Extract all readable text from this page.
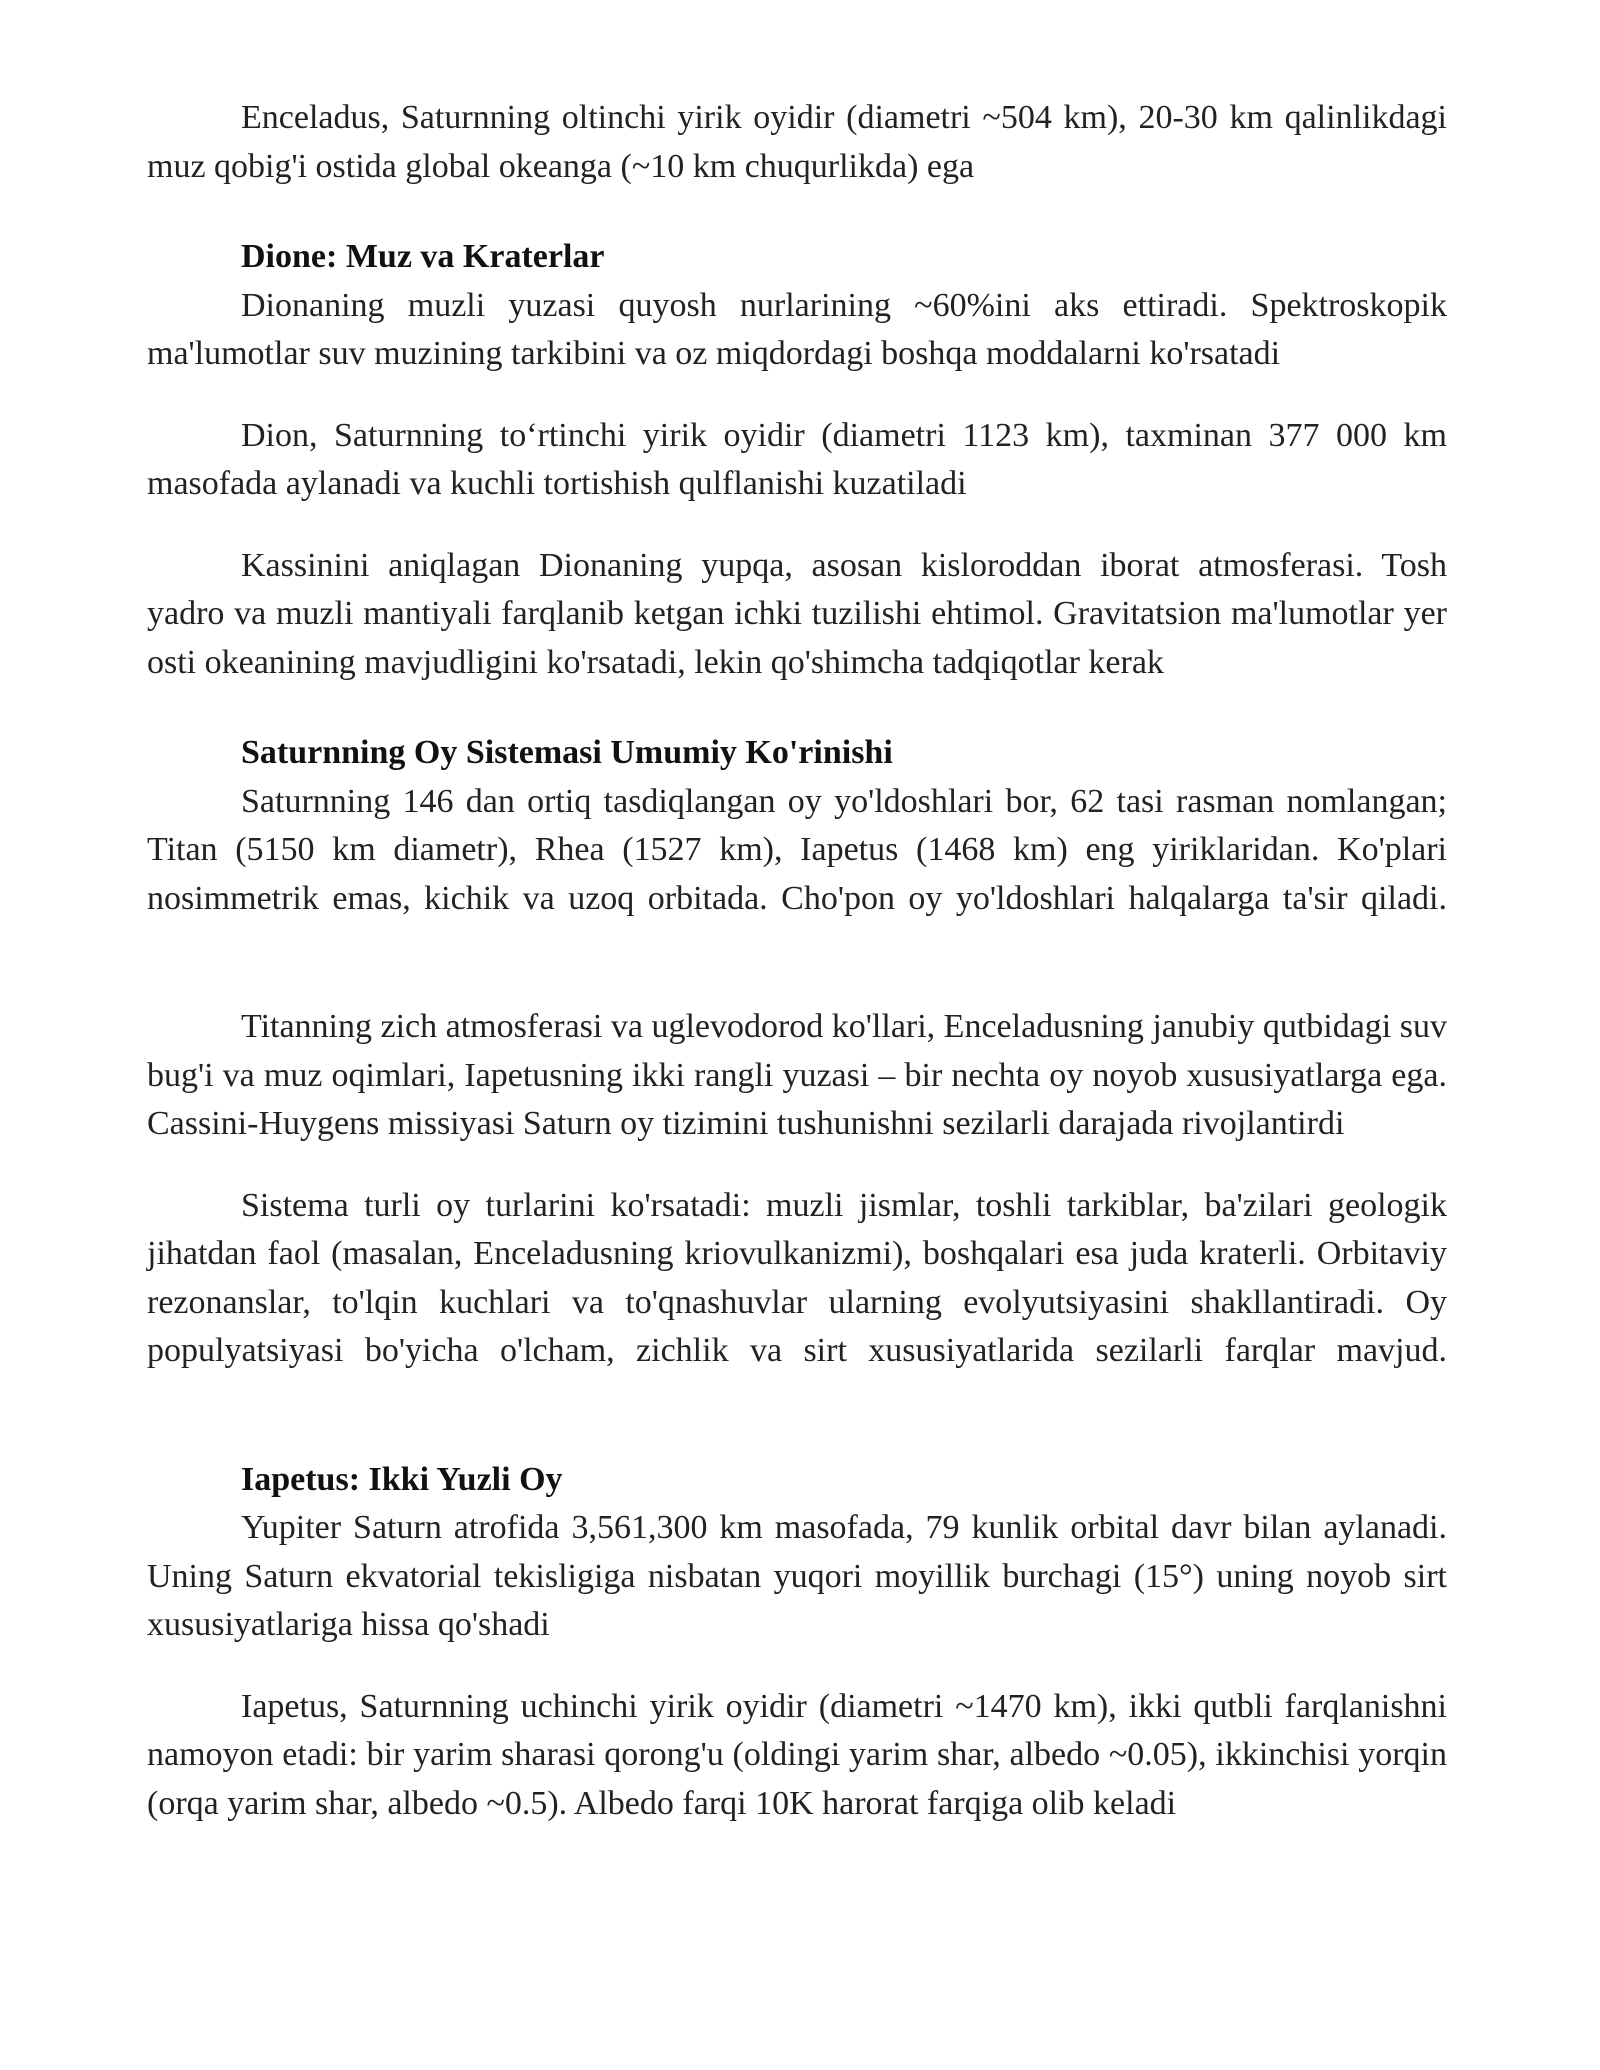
Enceladus, Saturnning oltinchi yirik oyidir (diametri ~504 km), 20-30 km qalinlikdagi muz qobig'i ostida global okeanga (~10 km chuqurlikda) ega

Dione: Muz va Kraterlar

Dionaning muzli yuzasi quyosh nurlarining ~60%ini aks ettiradi. Spektroskopik ma'lumotlar suv muzining tarkibini va oz miqdordagi boshqa moddalarni ko'rsatadi

Dion, Saturnning to‘rtinchi yirik oyidir (diametri 1123 km), taxminan 377 000 km masofada aylanadi va kuchli tortishish qulflanishi kuzatiladi

Kassinini aniqlagan Dionaning yupqa, asosan kisloroddan iborat atmosferasi. Tosh yadro va muzli mantiyali farqlanib ketgan ichki tuzilishi ehtimol. Gravitatsion ma'lumotlar yer osti okeanining mavjudligini ko'rsatadi, lekin qo'shimcha tadqiqotlar kerak

Saturnning Oy Sistemasi Umumiy Ko'rinishi

Saturnning 146 dan ortiq tasdiqlangan oy yo'ldoshlari bor, 62 tasi rasman nomlangan; Titan (5150 km diametr), Rhea (1527 km), Iapetus (1468 km) eng yiriklaridan. Ko'plari nosimmetrik emas, kichik va uzoq orbitada. Cho'pon oy yo'ldoshlari halqalarga ta'sir qiladi.

Titanning zich atmosferasi va uglevodorod ko'llari, Enceladusning janubiy qutbidagi suv bug'i va muz oqimlari, Iapetusning ikki rangli yuzasi – bir nechta oy noyob xususiyatlarga ega. Cassini-Huygens missiyasi Saturn oy tizimini tushunishni sezilarli darajada rivojlantirdi

Sistema turli oy turlarini ko'rsatadi: muzli jismlar, toshli tarkiblar, ba'zilari geologik jihatdan faol (masalan, Enceladusning kriovulkanizmi), boshqalari esa juda kraterli. Orbitaviy rezonanslar, to'lqin kuchlari va to'qnashuvlar ularning evolyutsiyasini shakllantiradi. Oy populyatsiyasi bo'yicha o'lcham, zichlik va sirt xususiyatlarida sezilarli farqlar mavjud.

Iapetus: Ikki Yuzli Oy

Yupiter Saturn atrofida 3,561,300 km masofada, 79 kunlik orbital davr bilan aylanadi. Uning Saturn ekvatorial tekisligiga nisbatan yuqori moyillik burchagi (15°) uning noyob sirt xususiyatlariga hissa qo'shadi

Iapetus, Saturnning uchinchi yirik oyidir (diametri ~1470 km), ikki qutbli farqlanishni namoyon etadi: bir yarim sharasi qorong'u (oldingi yarim shar, albedo ~0.05), ikkinchisi yorqin (orqa yarim shar, albedo ~0.5). Albedo farqi 10K harorat farqiga olib keladi
